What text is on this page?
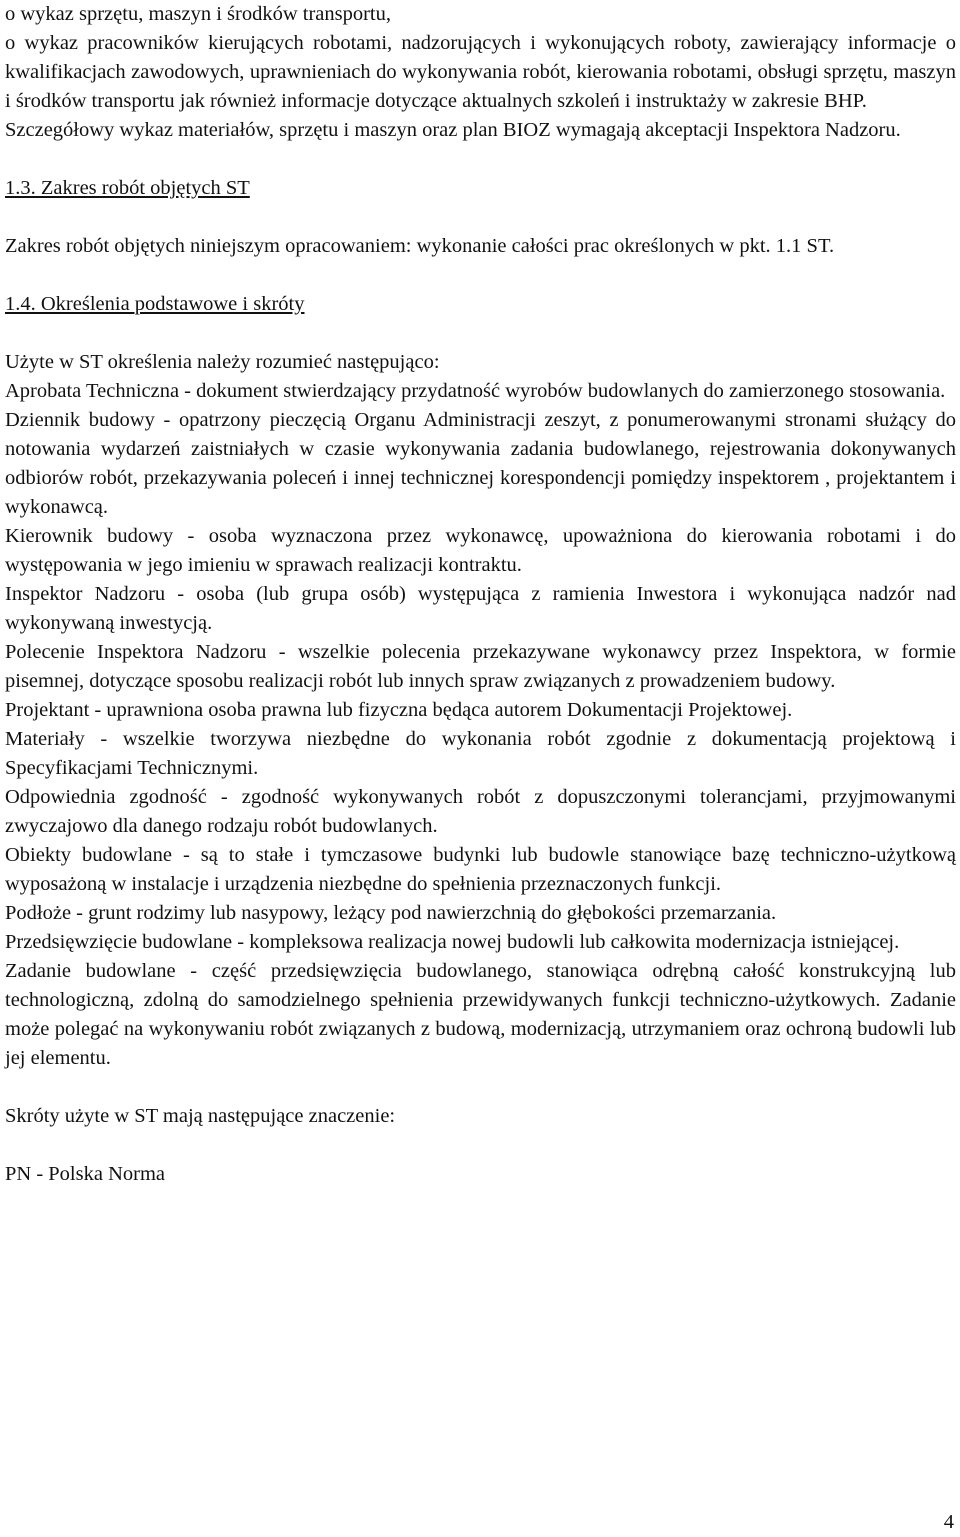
o wykaz sprzętu, maszyn i środków transportu,

o wykaz pracowników kierujących robotami, nadzorujących i wykonujących roboty, zawierający informacje o kwalifikacjach zawodowych, uprawnieniach do wykonywania robót, kierowania robotami, obsługi sprzętu, maszyn i środków transportu jak również informacje dotyczące aktualnych szkoleń i instruktaży w zakresie BHP.

Szczegółowy wykaz materiałów, sprzętu i maszyn oraz plan BIOZ wymagają akceptacji Inspektora Nadzoru.

1.3. Zakres robót objętych ST

Zakres robót objętych niniejszym opracowaniem: wykonanie całości prac określonych w pkt. 1.1 ST.

1.4. Określenia podstawowe i skróty

Użyte w ST określenia należy rozumieć następująco:

Aprobata Techniczna - dokument stwierdzający przydatność wyrobów budowlanych do zamierzonego stosowania.

Dziennik budowy - opatrzony pieczęcią Organu Administracji zeszyt, z ponumerowanymi stronami służący do notowania wydarzeń zaistniałych w czasie wykonywania zadania budowlanego, rejestrowania dokonywanych odbiorów robót, przekazywania poleceń i innej technicznej korespondencji pomiędzy inspektorem , projektantem i wykonawcą.

Kierownik budowy - osoba wyznaczona przez wykonawcę, upoważniona do kierowania robotami i do występowania w jego imieniu w sprawach realizacji kontraktu.

Inspektor Nadzoru - osoba (lub grupa osób) występująca z ramienia Inwestora i wykonująca nadzór nad wykonywaną inwestycją.

Polecenie Inspektora Nadzoru - wszelkie polecenia przekazywane wykonawcy przez Inspektora, w formie pisemnej, dotyczące sposobu realizacji robót lub innych spraw związanych z prowadzeniem budowy.

Projektant - uprawniona osoba prawna lub fizyczna będąca autorem Dokumentacji Projektowej.

Materiały - wszelkie tworzywa niezbędne do wykonania robót zgodnie z dokumentacją projektową i Specyfikacjami Technicznymi.

Odpowiednia zgodność - zgodność wykonywanych robót z dopuszczonymi tolerancjami, przyjmowanymi zwyczajowo dla danego rodzaju robót budowlanych.

Obiekty budowlane - są to stałe i tymczasowe budynki lub budowle stanowiące bazę techniczno-użytkową wyposażoną w instalacje i urządzenia niezbędne do spełnienia przeznaczonych funkcji.

Podłoże - grunt rodzimy lub nasypowy, leżący pod nawierzchnią do głębokości przemarzania.

Przedsięwzięcie budowlane - kompleksowa realizacja nowej budowli lub całkowita modernizacja istniejącej.

Zadanie budowlane - część przedsięwzięcia budowlanego, stanowiąca odrębną całość konstrukcyjną lub technologiczną, zdolną do samodzielnego spełnienia przewidywanych funkcji techniczno-użytkowych. Zadanie może polegać na wykonywaniu robót związanych z budową, modernizacją, utrzymaniem oraz ochroną budowli lub jej elementu.

Skróty użyte w ST mają następujące znaczenie:

PN - Polska Norma

4
